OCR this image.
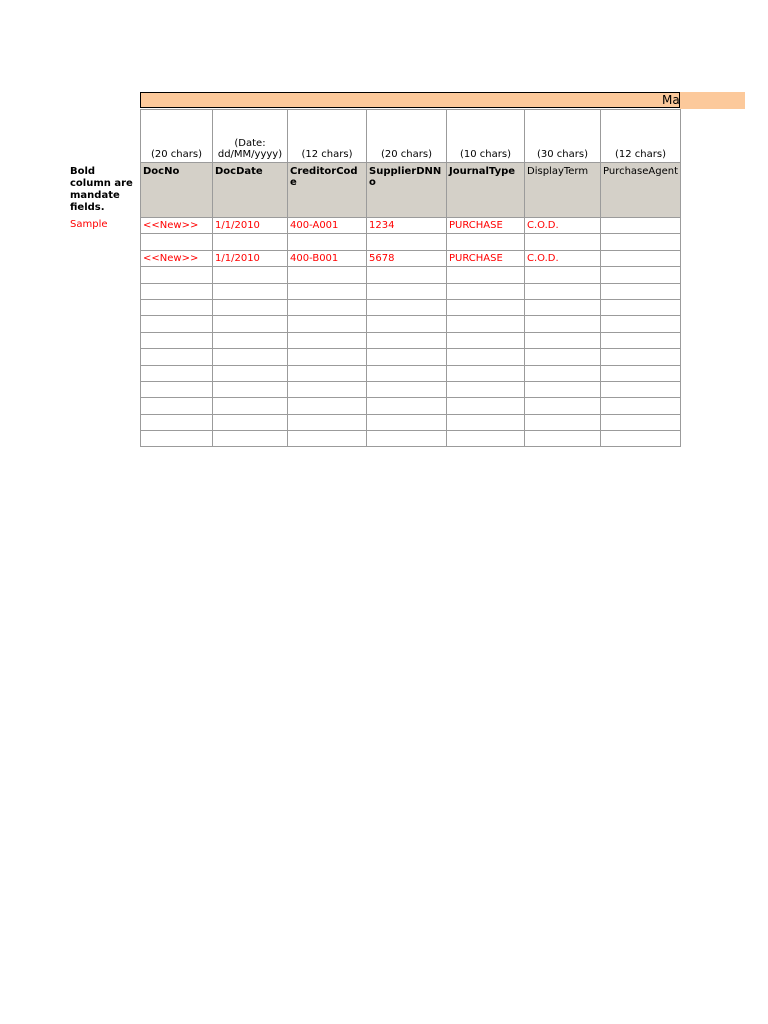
Ma
Bold column are mandate fields.
Sample
(20 chars)	(Date: dd/MM/yyyy)	(12 chars)	(20 chars)	(10 chars)	(30 chars)	(12 chars)
DocNo	DocDate	CreditorCode	SupplierDNNo	JournalType	DisplayTerm	PurchaseAgent
<<New>>	1/1/2010	400-A001	1234	PURCHASE	C.O.D.	

<<New>>	1/1/2010	400-B001	5678	PURCHASE	C.O.D.	
